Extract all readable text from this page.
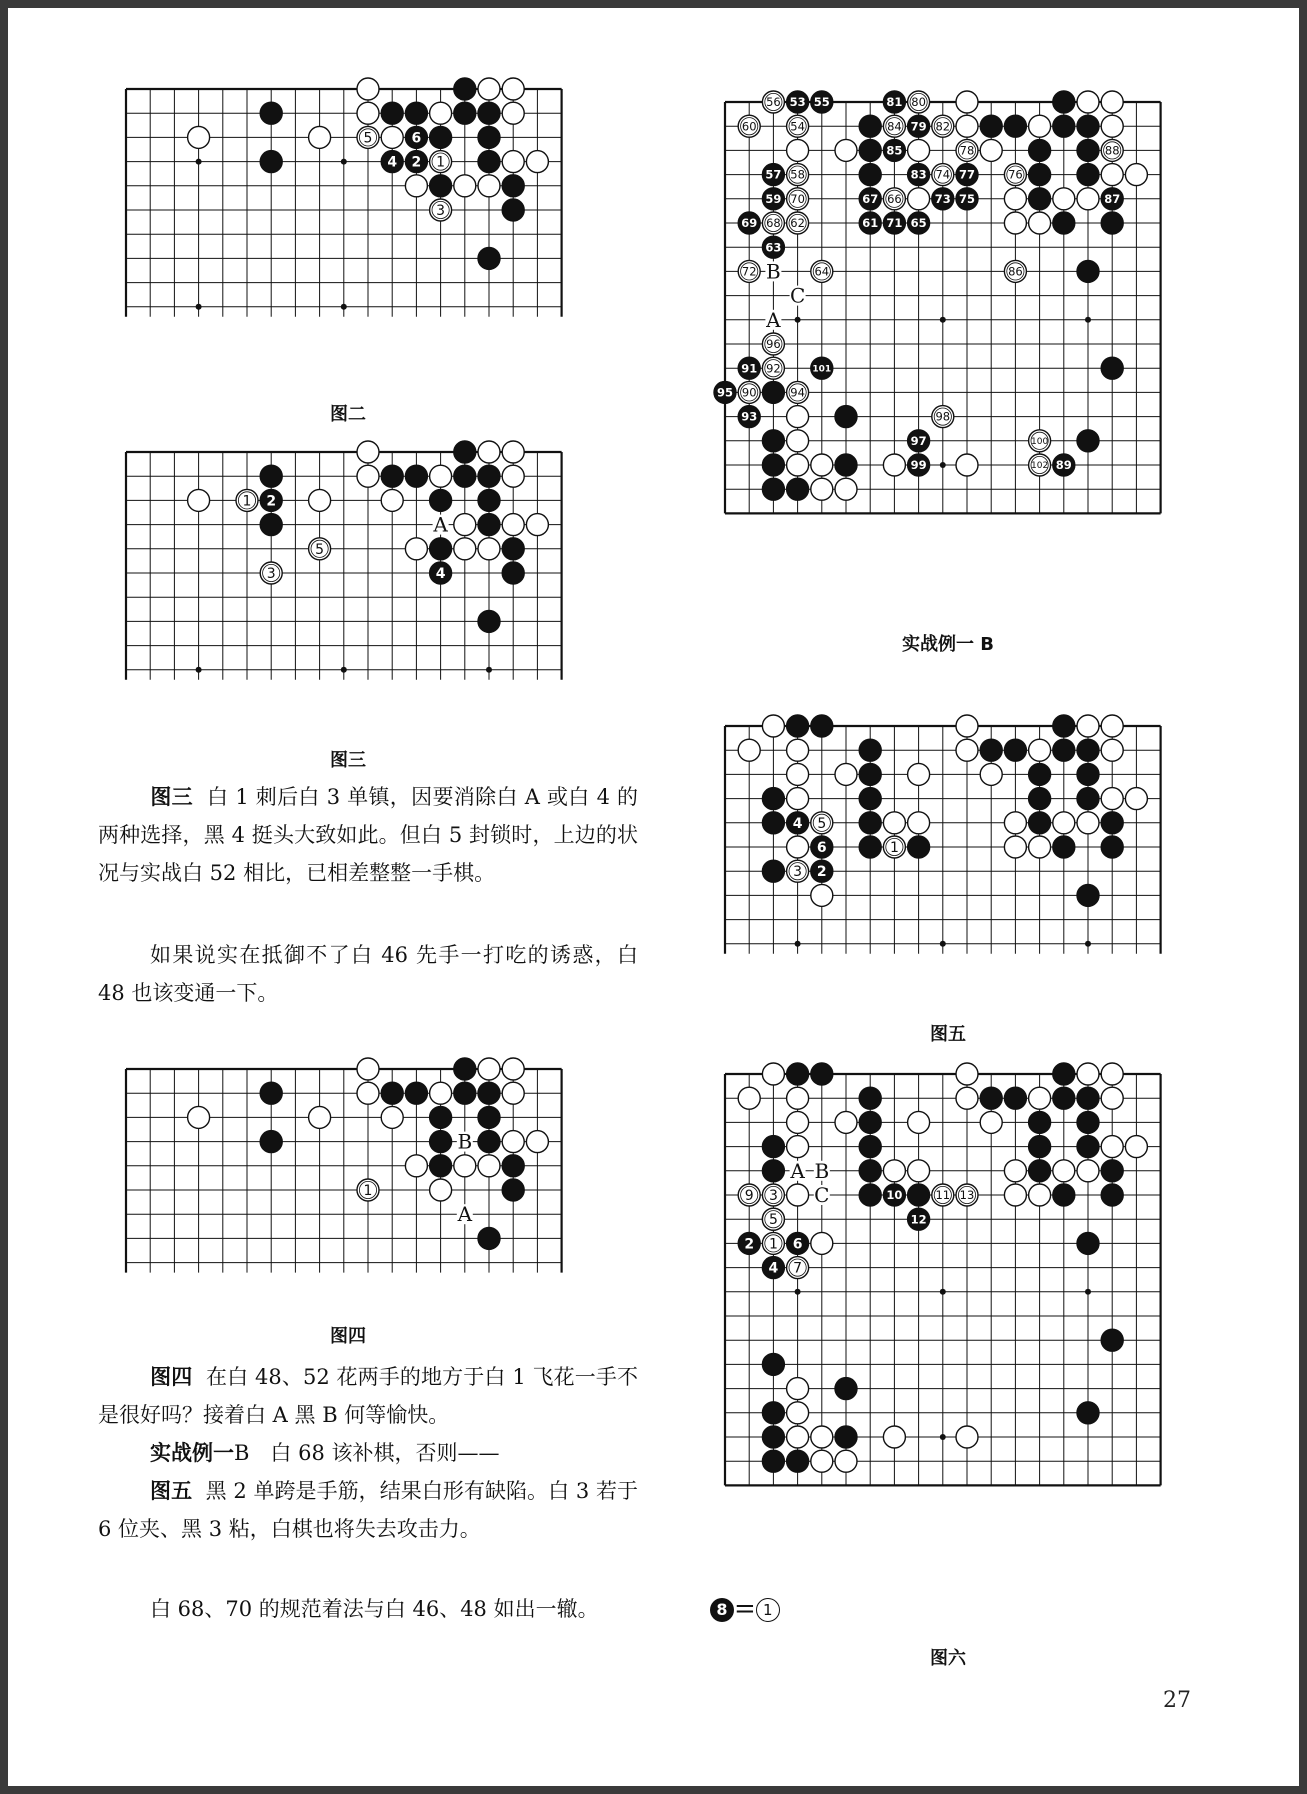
5	6
4 2 1
3
图二
1 2
A
5
3	4
图三

图三 白 1 刺后白 3 单镇，因要消除白 A 或白 4 的两种选择，黑 4 挺头大致如此。但白 5 封锁时，上边的状况与实战白 52 相比，已相差整整一手棋。

如果说实在抵御不了白 46 先手一打吃的诱惑，白 48 也该变通一下。

B
1
A
图四

图四 在白 48、52 花两手的地方于白 1 飞花一手不是很好吗？接着白 A 黑 B 何等愉快。

实战例一B　白 68 该补棋，否则——

图五 黑 2 单跨是手筋，结果白形有缺陷。白 3 若于 6 位夹、黑 3 粘，白棋也将失去攻击力。

白 68、70 的规范着法与白 46、48 如出一辙。

56 53 55	81 80
60	54	84 79 82
85	78	88
57 58	83 74 77	76
59 70	67 66	73 75	87
69 68 62	61 71 65
63
72 B	64	86
C
A
96
91 92	101
95 90	94
93	98
97	100
99	102 89
实战例一 B
4 5
6	1
3 2
图五
A B
9 3 C	10	11 13
5	12
2 1 6
4 7
8 = 1
图六
27
